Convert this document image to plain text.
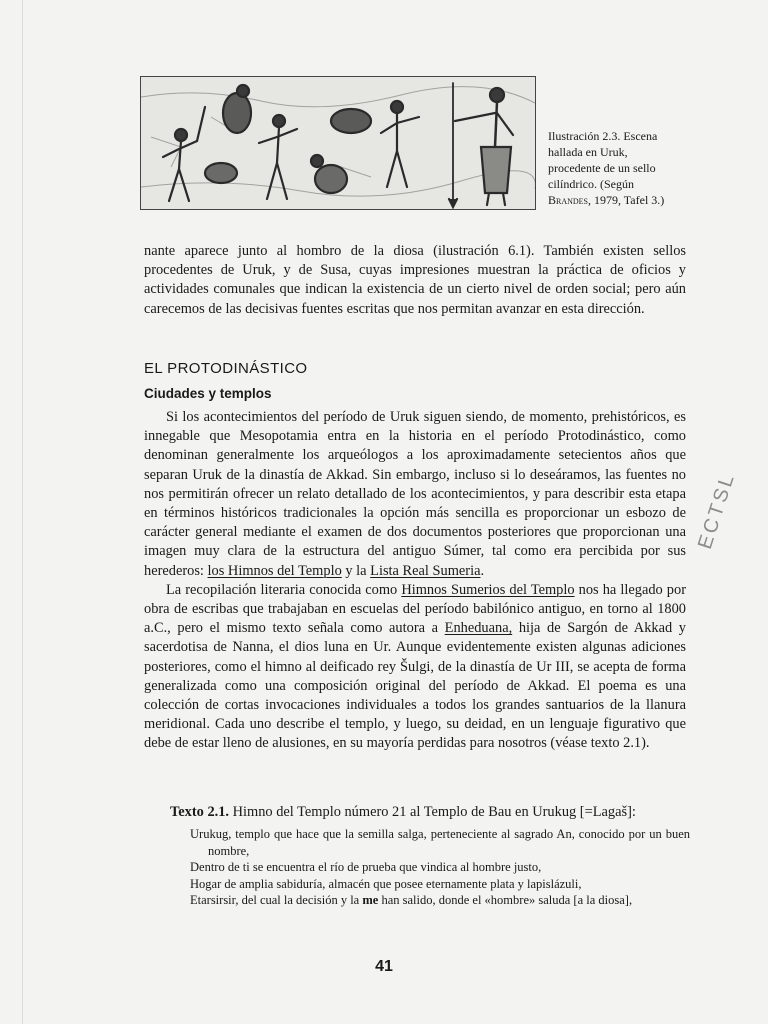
Ilustración 2.3. Escena
hallada en Uruk,
procedente de un sello
cilíndrico. (Según
Brandes, 1979, Tafel 3.)

nante aparece junto al hombro de la diosa (ilustración 6.1). También existen sellos procedentes de Uruk, y de Susa, cuyas impresiones muestran la práctica de oficios y actividades comunales que indican la existencia de un cierto nivel de orden social; pero aún carecemos de las decisivas fuentes escritas que nos permitan avanzar en esta dirección.

EL PROTODINÁSTICO
Ciudades y templos

Si los acontecimientos del período de Uruk siguen siendo, de momento, prehistóricos, es innegable que Mesopotamia entra en la historia en el período Protodinástico, como denominan generalmente los arqueólogos a los aproximadamente setecientos años que separan Uruk de la dinastía de Akkad. Sin embargo, incluso si lo deseáramos, las fuentes no nos permitirán ofrecer un relato detallado de los acontecimientos, y para describir esta etapa en términos históricos tradicionales la opción más sencilla es proporcionar un esbozo de carácter general mediante el examen de dos documentos posteriores que proporcionan una imagen muy clara de la estructura del antiguo Súmer, tal como era percibida por sus herederos: los Himnos del Templo y la Lista Real Sumeria.

La recopilación literaria conocida como Himnos Sumerios del Templo nos ha llegado por obra de escribas que trabajaban en escuelas del período babilónico antiguo, en torno al 1800 a.C., pero el mismo texto señala como autora a Enheduana, hija de Sargón de Akkad y sacerdotisa de Nanna, el dios luna en Ur. Aunque evidentemente existen algunas adiciones posteriores, como el himno al deificado rey Šulgi, de la dinastía de Ur III, se acepta de forma generalizada como una composición original del período de Akkad. El poema es una colección de cortas invocaciones individuales a todos los grandes santuarios de la llanura meridional. Cada uno describe el templo, y luego, su deidad, en un lenguaje figurativo que debe de estar lleno de alusiones, en su mayoría perdidas para nosotros (véase texto 2.1).

Texto 2.1. Himno del Templo número 21 al Templo de Bau en Urukug [=Lagaš]:
Urukug, templo que hace que la semilla salga, perteneciente al sagrado An, conocido por un buen nombre,
Dentro de ti se encuentra el río de prueba que vindica al hombre justo,
Hogar de amplia sabiduría, almacén que posee eternamente plata y lapislázuli,
Etarsirsir, del cual la decisión y la me han salido, donde el «hombre» saluda [a la diosa],
ECTSL
41
